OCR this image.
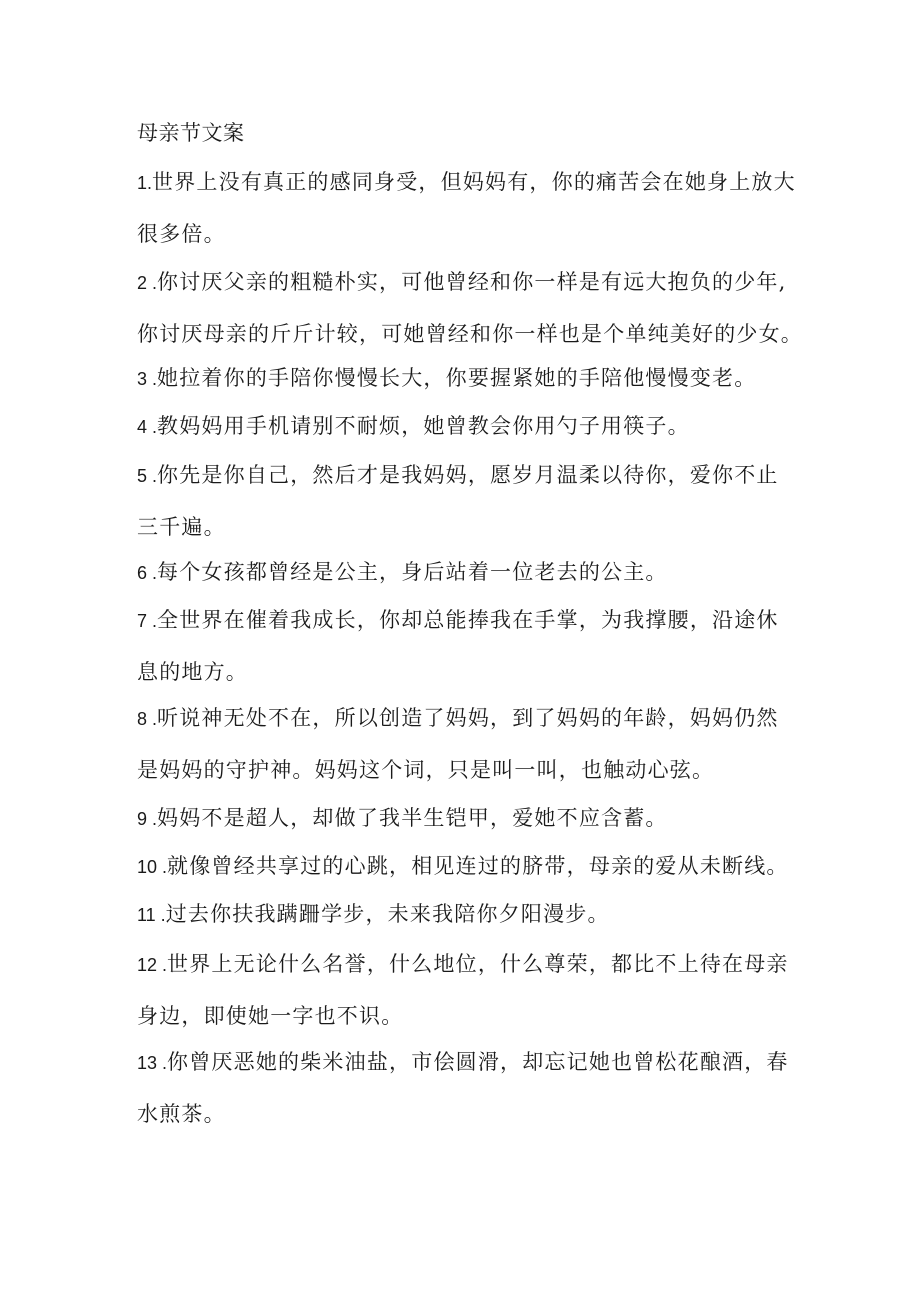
母亲节文案
1.世界上没有真正的感同身受，但妈妈有，你的痛苦会在她身上放大
很多倍。
2 .你讨厌父亲的粗糙朴实，可他曾经和你一样是有远大抱负的少年,
你讨厌母亲的斤斤计较，可她曾经和你一样也是个单纯美好的少女。
3 .她拉着你的手陪你慢慢长大，你要握紧她的手陪他慢慢变老。
4 .教妈妈用手机请别不耐烦，她曾教会你用勺子用筷子。
5 .你先是你自己，然后才是我妈妈，愿岁月温柔以待你，爱你不止
三千遍。
6 .每个女孩都曾经是公主，身后站着一位老去的公主。
7 .全世界在催着我成长，你却总能捧我在手掌，为我撑腰，沿途休
息的地方。
8 .听说神无处不在，所以创造了妈妈，到了妈妈的年龄，妈妈仍然
是妈妈的守护神。妈妈这个词，只是叫一叫，也触动心弦。
9 .妈妈不是超人，却做了我半生铠甲，爱她不应含蓄。
10 .就像曾经共享过的心跳，相见连过的脐带，母亲的爱从未断线。
11 .过去你扶我蹒跚学步，未来我陪你夕阳漫步。
12 .世界上无论什么名誉，什么地位，什么尊荣，都比不上待在母亲
身边，即使她一字也不识。
13 .你曾厌恶她的柴米油盐，市侩圆滑，却忘记她也曾松花酿酒，春
水煎茶。
